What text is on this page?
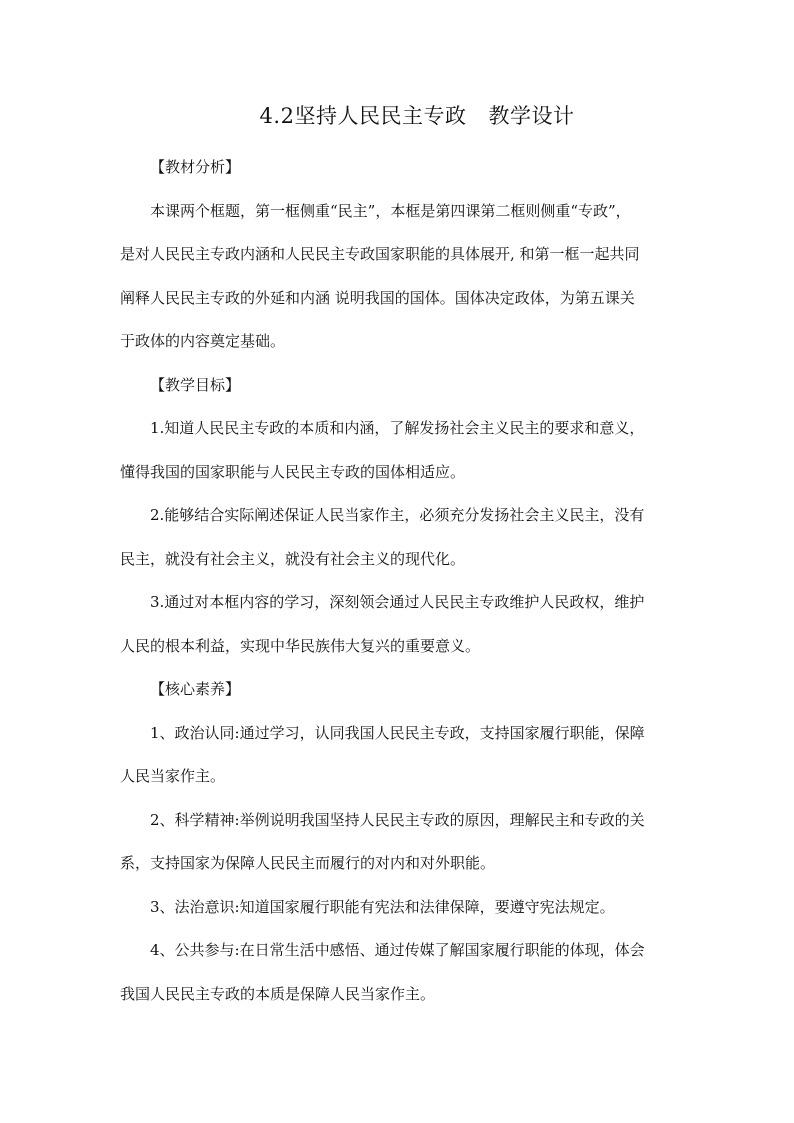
4.2坚持人民民主专政 教学设计
【教材分析】
本课两个框题，第一框侧重“民主”，本框是第四课第二框则侧重“专政”，
是对人民民主专政内涵和人民民主专政国家职能的具体展开, 和第一框一起共同
阐释人民民主专政的外延和内涵 说明我国的国体。国体决定政体，为第五课关
于政体的内容奠定基础。
【教学目标】
1.知道人民民主专政的本质和内涵，了解发扬社会主义民主的要求和意义，
懂得我国的国家职能与人民民主专政的国体相适应。
2.能够结合实际阐述保证人民当家作主，必须充分发扬社会主义民主，没有
民主，就没有社会主义，就没有社会主义的现代化。
3.通过对本框内容的学习，深刻领会通过人民民主专政维护人民政权，维护
人民的根本利益，实现中华民族伟大复兴的重要意义。
【核心素养】
1、政治认同:通过学习，认同我国人民民主专政，支持国家履行职能，保障
人民当家作主。
2、科学精神:举例说明我国坚持人民民主专政的原因，理解民主和专政的关
系，支持国家为保障人民民主而履行的对内和对外职能。
3、法治意识:知道国家履行职能有宪法和法律保障，要遵守宪法规定。
4、公共参与:在日常生活中感悟、通过传媒了解国家履行职能的体现，体会
我国人民民主专政的本质是保障人民当家作主。
